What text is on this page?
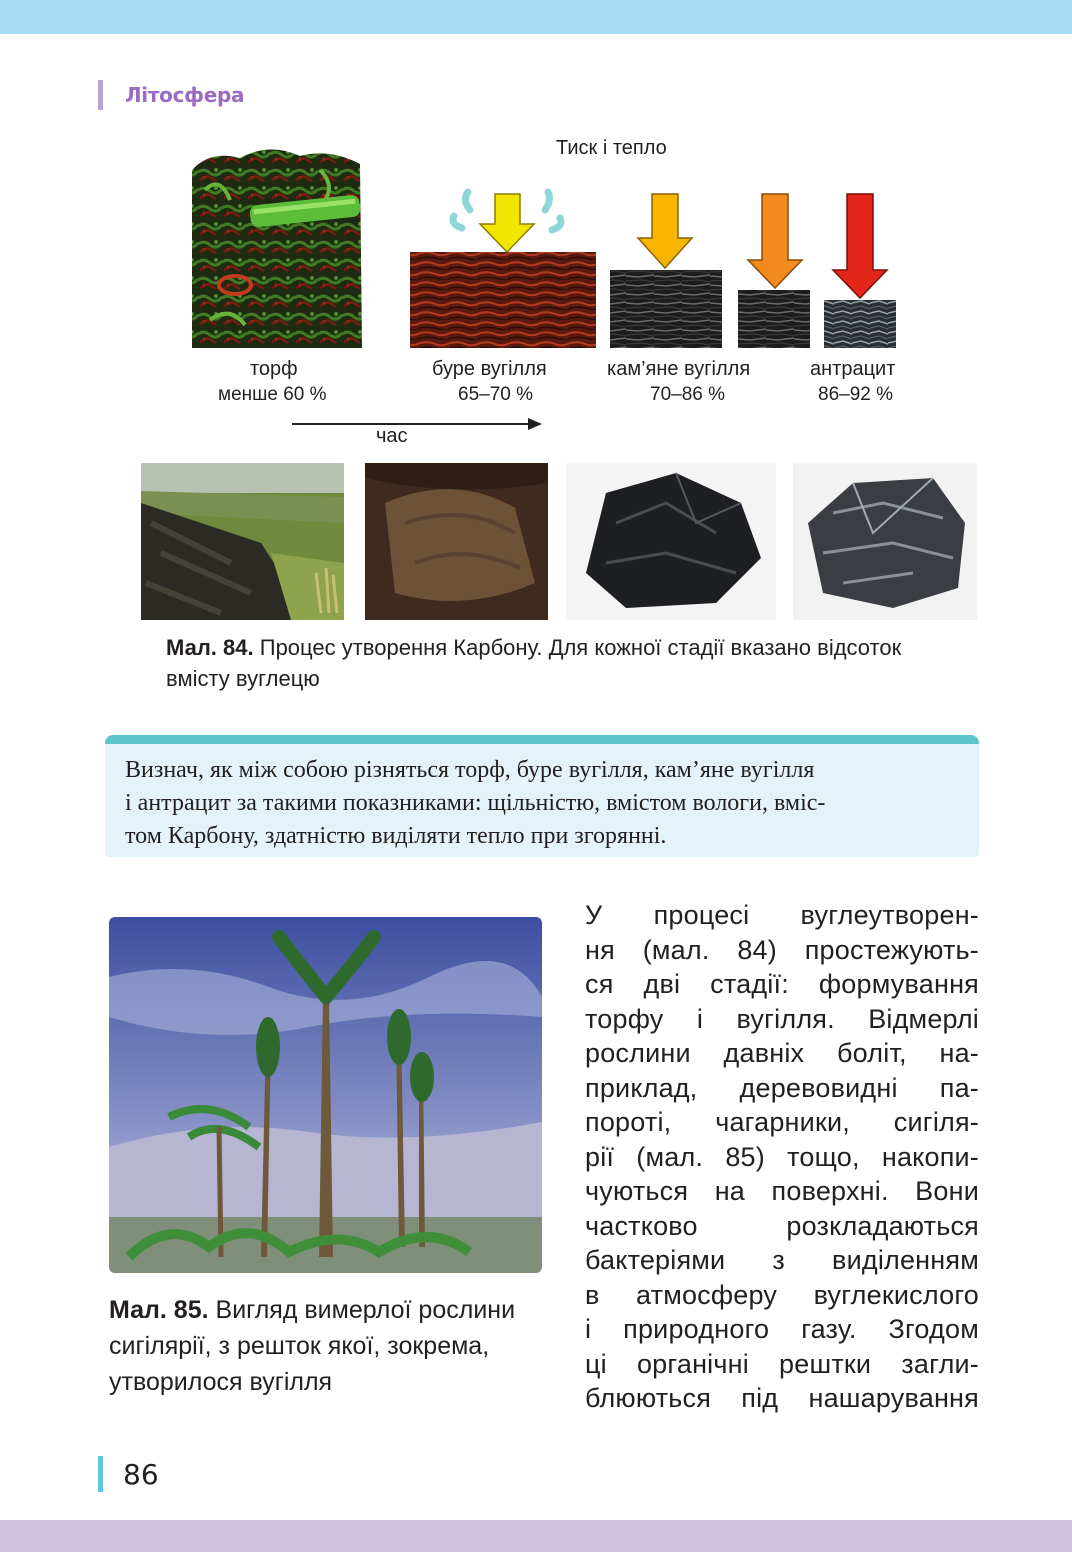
Літосфера
Тиск і тепло
торф
менше 60 %
буре вугілля
65–70 %
кам’яне вугілля
70–86 %
антрацит
86–92 %
час
Мал. 84. Процес утворення Карбону. Для кожної стадії вказано відсоток вмісту вуглецю
Визнач, як між собою різняться торф, буре вугілля, кам’яне вугілля
і антрацит за такими показниками: щільністю, вмістом вологи, вміс-
том Карбону, здатністю виділяти тепло при згорянні.
Мал. 85. Вигляд вимерлої рослини сигілярії, з решток якої, зокрема, утворилося вугілля
У процесі вуглеутворен-
ня (мал. 84) простежують-
ся дві стадії: формування
торфу і вугілля. Відмерлі
рослини давніх боліт, на-
приклад, деревовидні па-
пороті, чагарники, сигіля-
рії (мал. 85) тощо, накопи-
чуються на поверхні. Вони
частково розкладаються
бактеріями з виділенням
в атмосферу вуглекислого
і природного газу. Згодом
ці органічні рештки загли-
блюються під нашарування
86
